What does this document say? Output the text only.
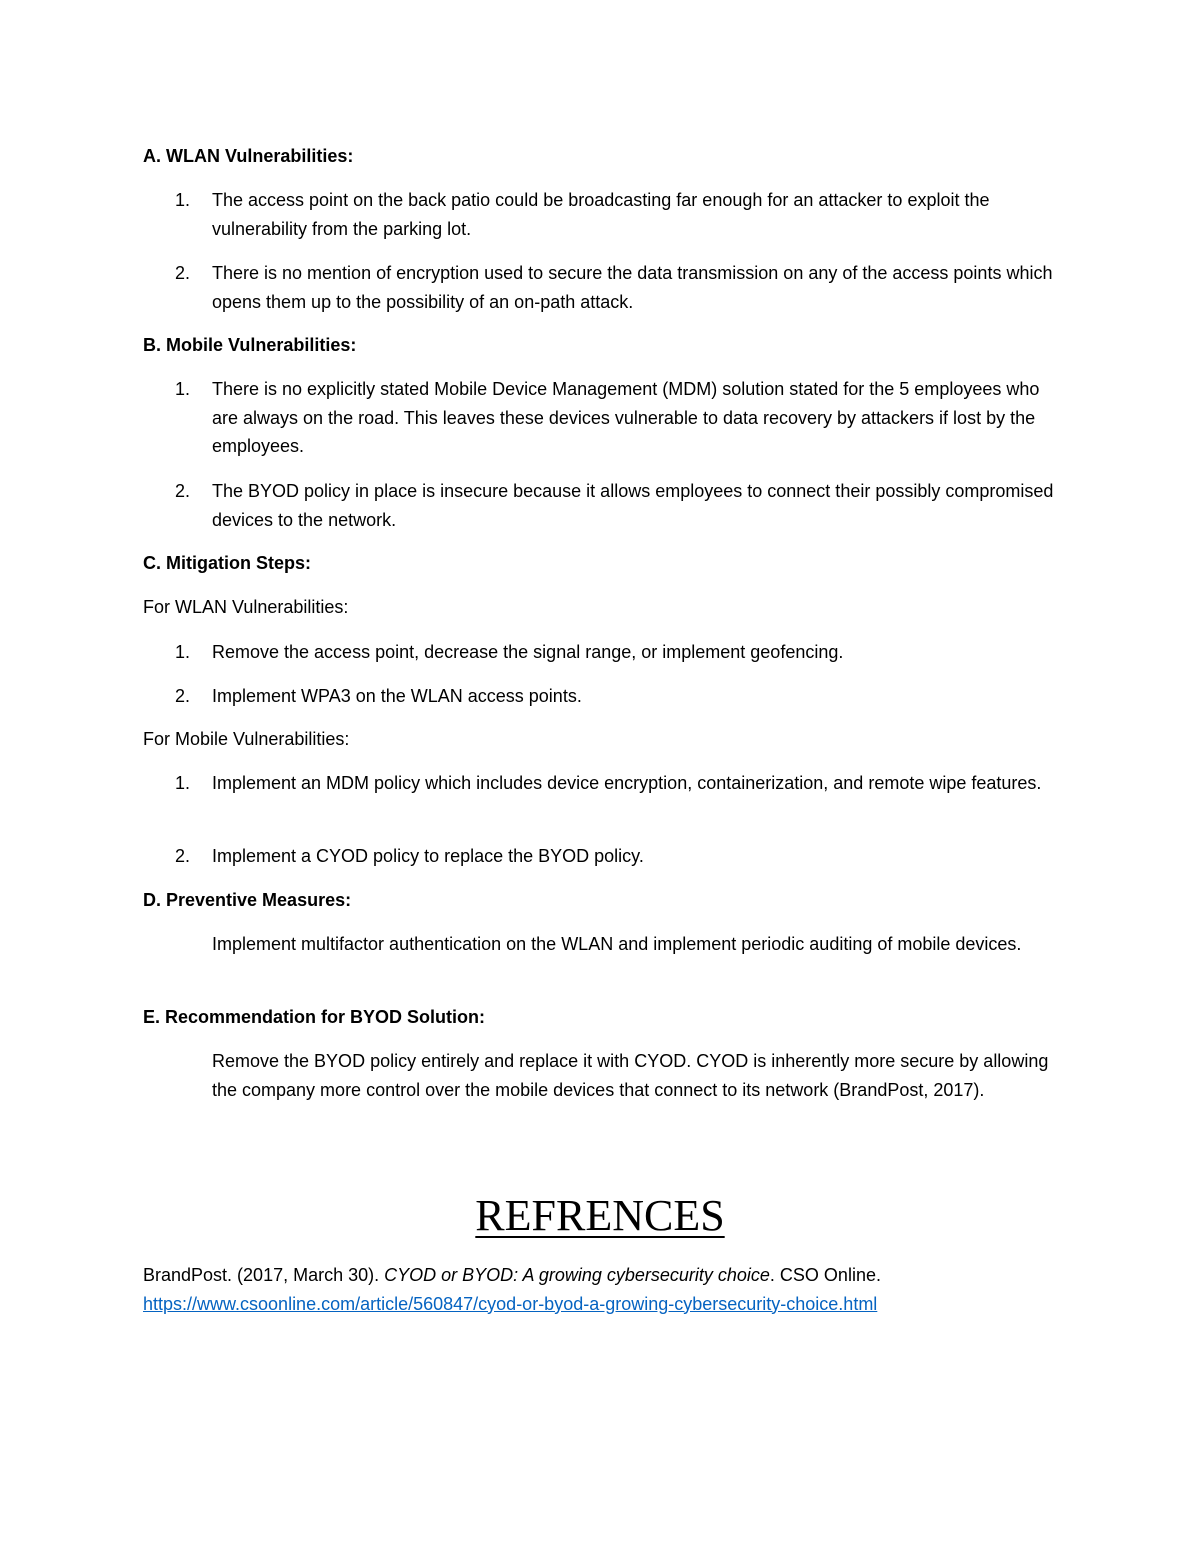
A. WLAN Vulnerabilities:

1.	The access point on the back patio could be broadcasting far enough for an attacker to exploit the vulnerability from the parking lot.
2.	There is no mention of encryption used to secure the data transmission on any of the access points which opens them up to the possibility of an on-path attack.

B. Mobile Vulnerabilities:

1.	There is no explicitly stated Mobile Device Management (MDM) solution stated for the 5 employees who are always on the road. This leaves these devices vulnerable to data recovery by attackers if lost by the employees.
2.	The BYOD policy in place is insecure because it allows employees to connect their possibly compromised devices to the network.

C. Mitigation Steps:

For WLAN Vulnerabilities:

1.	Remove the access point, decrease the signal range, or implement geofencing.
2.	Implement WPA3 on the WLAN access points.

For Mobile Vulnerabilities:

1.	Implement an MDM policy which includes device encryption, containerization, and remote wipe features.
2.	Implement a CYOD policy to replace the BYOD policy.

D. Preventive Measures:

Implement multifactor authentication on the WLAN and implement periodic auditing of mobile devices.

E. Recommendation for BYOD Solution:

Remove the BYOD policy entirely and replace it with CYOD. CYOD is inherently more secure by allowing the company more control over the mobile devices that connect to its network (BrandPost, 2017).

REFRENCES

BrandPost. (2017, March 30). CYOD or BYOD: A growing cybersecurity choice. CSO Online.
https://www.csoonline.com/article/560847/cyod-or-byod-a-growing-cybersecurity-choice.html
